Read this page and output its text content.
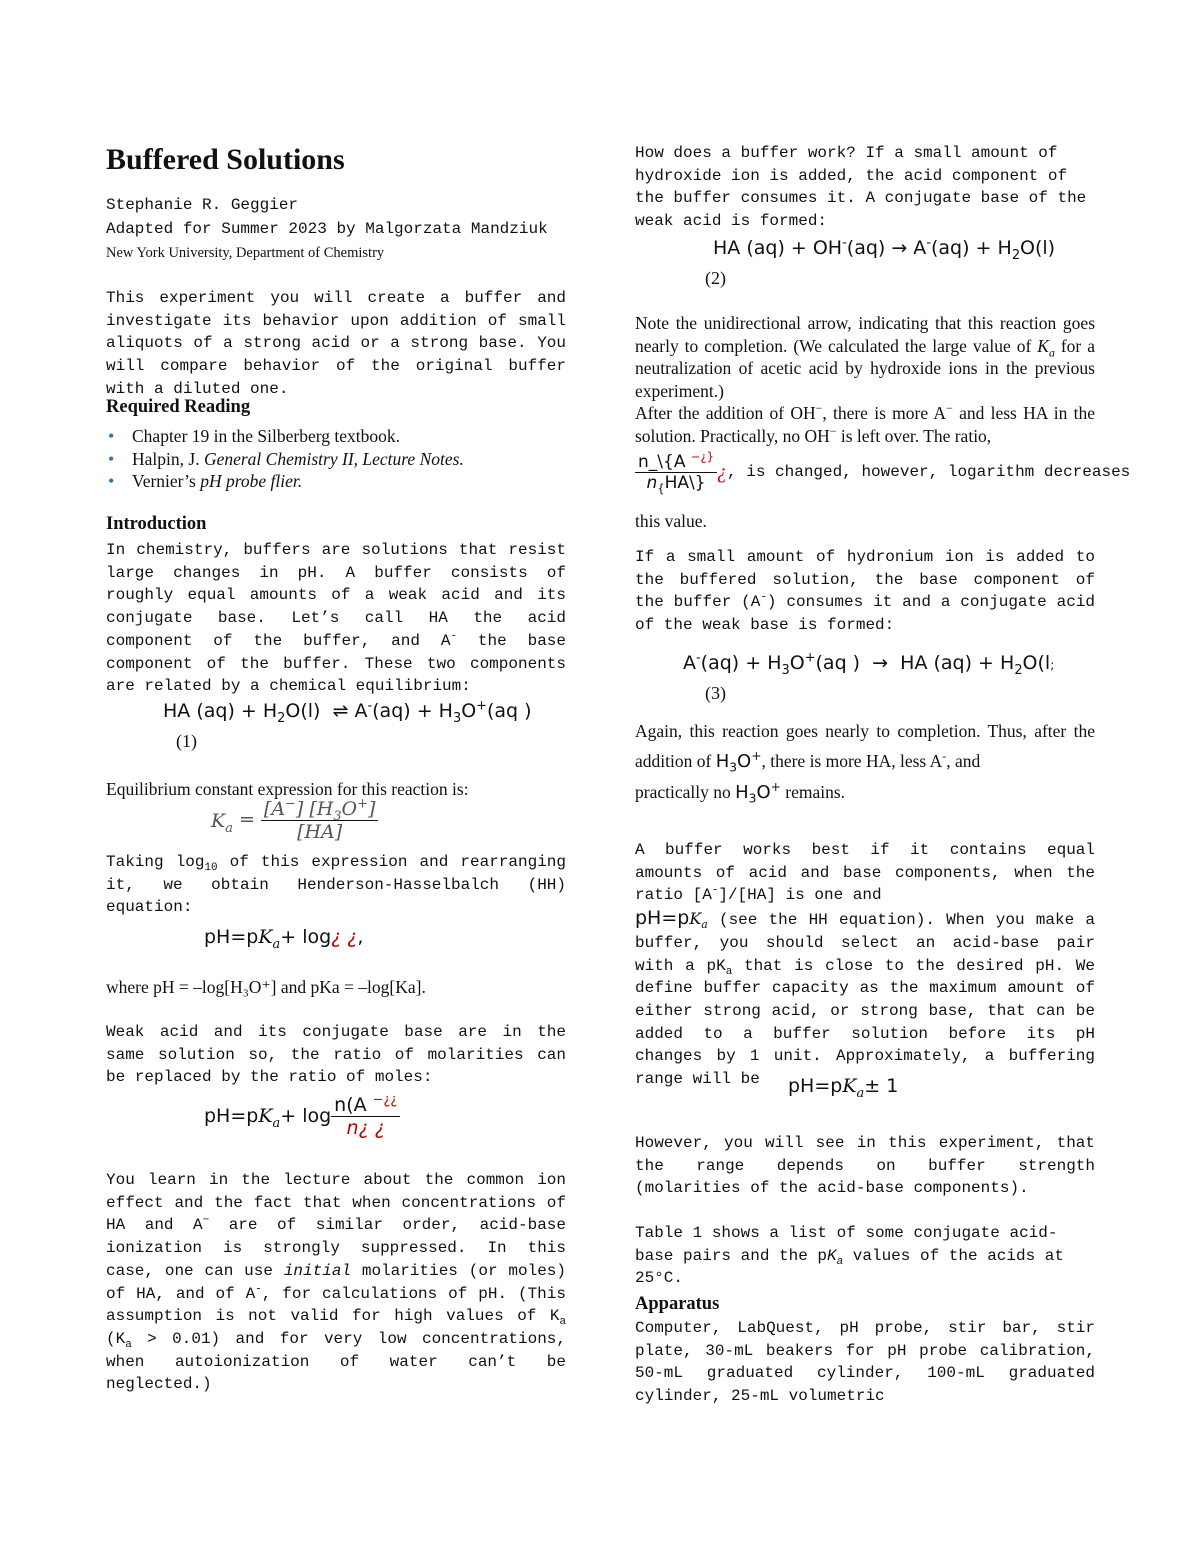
Buffered Solutions

Stephanie R. Geggier

Adapted for Summer 2023 by Malgorzata Mandziuk

New York University, Department of Chemistry

This experiment you will create a buffer and investigate its behavior upon addition of small aliquots of a strong acid or a strong base. You will compare behavior of the original buffer with a diluted one.

Required Reading
• Chapter 19 in the Silberberg textbook.
• Halpin, J. General Chemistry II, Lecture Notes.
• Vernier’s pH probe flier.
Introduction

In chemistry, buffers are solutions that resist large changes in pH. A buffer consists of roughly equal amounts of a weak acid and its conjugate base. Let’s call HA the acid component of the buffer, and A- the base component of the buffer. These two components are related by a chemical equilibrium:

HA $(aq) + H_2O(l)$  ⇌ $A^-(aq) + H_3O^+(aq$ )
(1)

Equilibrium constant expression for this reaction is:

$K_a = \frac{[A^-] [H_3O^+]}{[HA]}$

Taking $\log_{10}$ of this expression and rearranging it, we obtain Henderson-Hasselbalch (HH) equation:

$pH=pK_a+$ log¿ ¿,

where pH = –log[H₃O⁺] and pKa = –log[Ka].

Weak acid and its conjugate base are in the same solution so, the ratio of molarities can be replaced by the ratio of moles:

$pH=pK_a+ \log \frac{n(A ^{-¿¿}}{n¿ ¿}$

You learn in the lecture about the common ion effect and the fact that when concentrations of HA and A− are of similar order, acid-base ionization is strongly suppressed. In this case, one can use initial molarities (or moles) of HA, and of A-, for calculations of pH. (This assumption is not valid for high values of $K_a$ $(K_a > 0.01)$ and for very low concentrations, when autoionization of water can’t be neglected.)

How does a buffer work? If a small amount of hydroxide ion is added, the acid component of the buffer consumes it. A conjugate base of the weak acid is formed:

HA $(aq) + OH^-(aq) \to A^-(aq) + H_2O(l)$
(2)

Note the unidirectional arrow, indicating that this reaction goes nearly to completion. (We calculated the large value of $K_a$ for a neutralization of acetic acid by hydroxide ions in the previous experiment.)

After the addition of OH−, there is more A− and less HA in the solution. Practically, no OH− is left over. The ratio,

$\frac{n\_\backslash\{A ^{-¿\}}}{n_{\{}HA\backslash\}}$ ¿, is changed, however, logarithm decreases

this value.

If a small amount of hydronium ion is added to the buffered solution, the base component of the buffer (A-) consumes it and a conjugate acid of the weak base is formed:

$A^-(aq) + H_3O^+(aq$ )  →  HA $(aq) + H_2O(l$;
(3)

Again, this reaction goes nearly to completion. Thus, after the addition of $H_3O^+$, there is more HA, less A-, and
practically no $H_3O^+$ remains.

A buffer works best if it contains equal amounts of acid and base components, when the ratio [A-]/[HA] is one and
$pH=pK_a$ (see the HH equation). When you make a buffer, you should select an acid-base pair with a $pK_a$ that is close to the desired pH. We define buffer capacity as the maximum amount of either strong acid, or strong base, that can be added to a buffer solution before its pH changes by 1 unit. Approximately, a buffering range will be	$pH=pK_a\pm 1$

However, you will see in this experiment, that the range depends on buffer strength (molarities of the acid-base components).

Table 1 shows a list of some conjugate acid-base pairs and the $pK_a$ values of the acids at 25°C.

Apparatus

Computer, LabQuest, pH probe, stir bar, stir plate, 30-mL beakers for pH probe calibration, 50-mL graduated cylinder, 100-mL graduated cylinder, 25-mL volumetric
